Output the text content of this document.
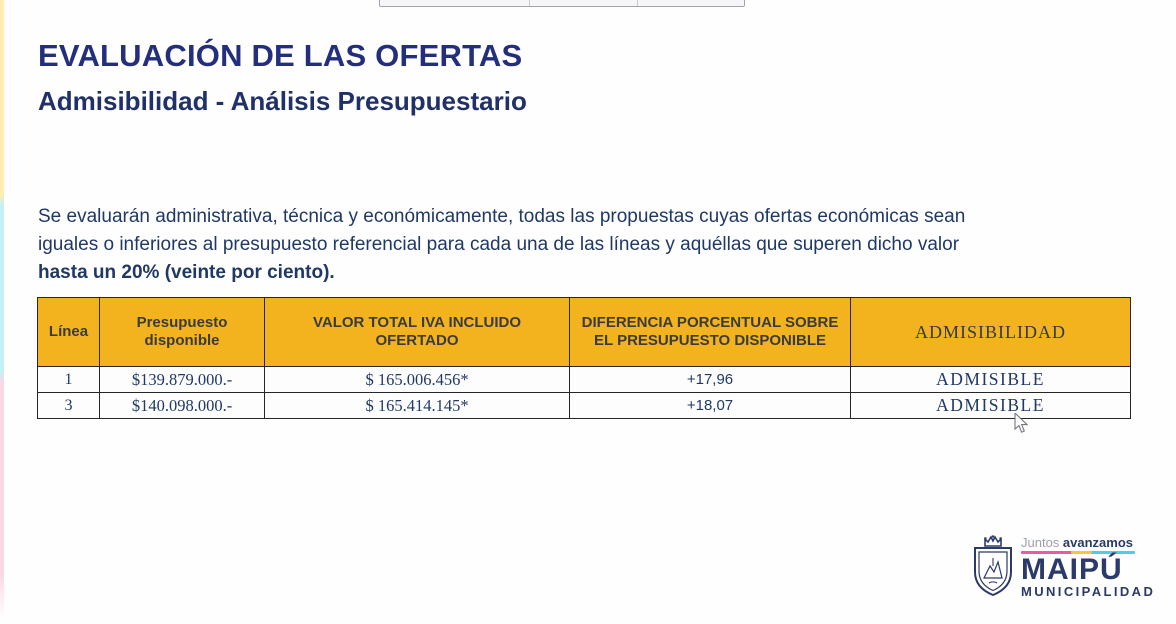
EVALUACIÓN DE LAS OFERTAS
Admisibilidad - Análisis Presupuestario
Se evaluarán administrativa, técnica y económicamente, todas las propuestas cuyas ofertas económicas sean
iguales o inferiores al presupuesto referencial para cada una de las líneas y aquéllas que superen dicho valor
hasta un 20% (veinte por ciento).
Línea	Presupuesto disponible	VALOR TOTAL IVA INCLUIDO OFERTADO	DIFERENCIA PORCENTUAL SOBRE EL PRESUPUESTO DISPONIBLE	ADMISIBILIDAD
1	$139.879.000.-	$ 165.006.456*	+17,96	ADMISIBLE
3	$140.098.000.-	$ 165.414.145*	+18,07	ADMISIBLE
Juntos avanzamos
MAIPÚ
MUNICIPALIDAD
